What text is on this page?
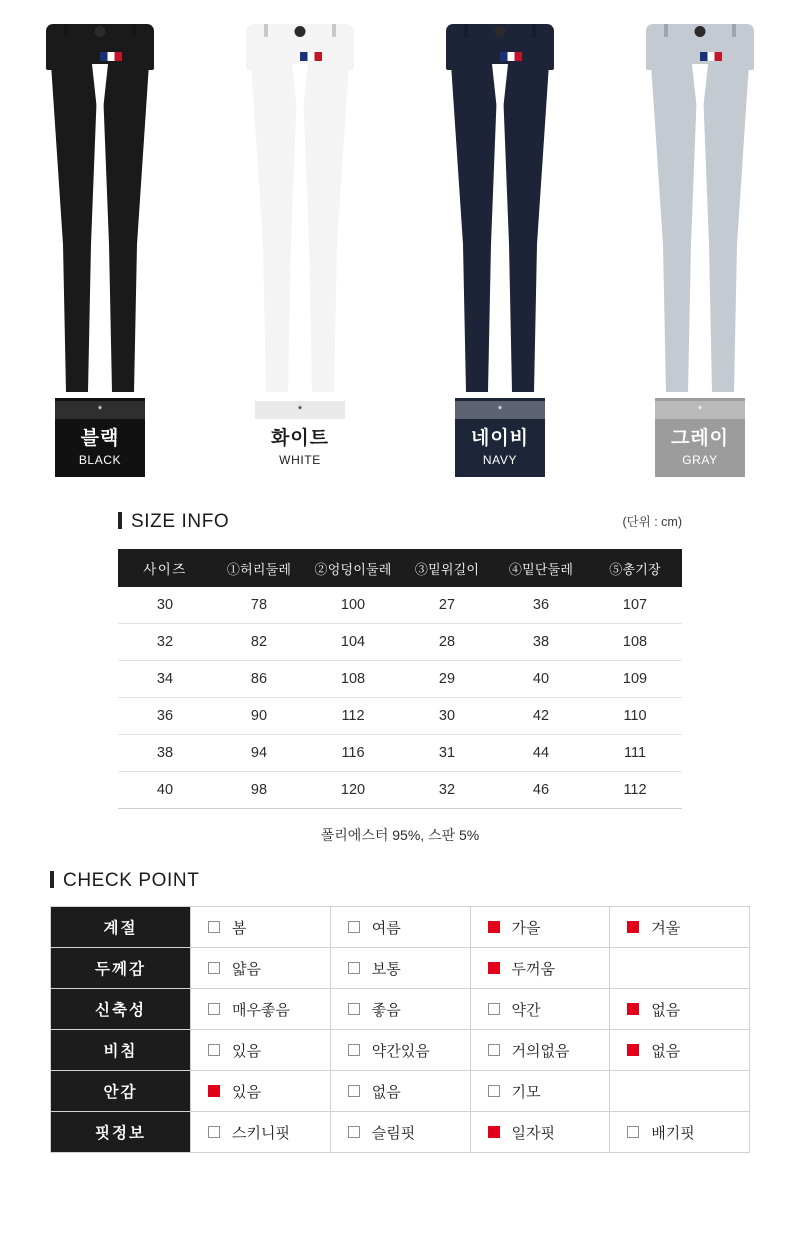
*
블랙
BLACK
*
화이트
WHITE
*
네이비
NAVY
*
그레이
GRAY
SIZE INFO	(단위 : cm)
사이즈	①허리둘레	②엉덩이둘레	③밑위길이	④밑단둘레	⑤총기장
30	78	100	27	36	107
32	82	104	28	38	108
34	86	108	29	40	109
36	90	112	30	42	110
38	94	116	31	44	111
40	98	120	32	46	112
폴리에스터 95%, 스판 5%
CHECK POINT
계절	봄	여름	가을	겨울

두께감	얇음	보통	두꺼움	

신축성	매우좋음	좋음	약간	없음

비침	있음	약간있음	거의없음	없음

안감	있음	없음	기모	

핏정보	스키니핏	슬림핏	일자핏	배기핏
